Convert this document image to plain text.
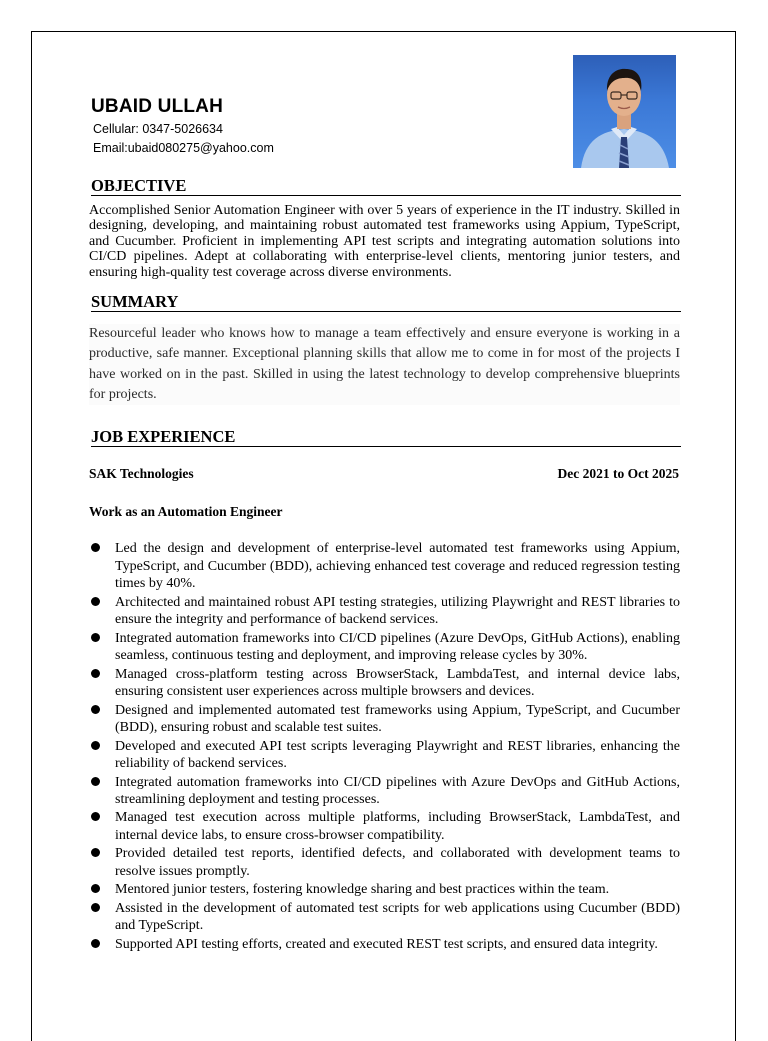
UBAID ULLAH
Cellular: 0347-5026634
Email:ubaid080275@yahoo.com
OBJECTIVE
Accomplished Senior Automation Engineer with over 5 years of experience in the IT industry. Skilled in designing, developing, and maintaining robust automated test frameworks using Appium, TypeScript, and Cucumber. Proficient in implementing API test scripts and integrating automation solutions into CI/CD pipelines. Adept at collaborating with enterprise-level clients, mentoring junior testers, and ensuring high-quality test coverage across diverse environments.
SUMMARY
Resourceful leader who knows how to manage a team effectively and ensure everyone is working in a productive, safe manner. Exceptional planning skills that allow me to come in for most of the projects I have worked on in the past. Skilled in using the latest technology to develop comprehensive blueprints for projects.
JOB EXPERIENCE
SAK Technologies	Dec 2021 to Oct 2025
Work as an Automation Engineer
Led the design and development of enterprise-level automated test frameworks using Appium, TypeScript, and Cucumber (BDD), achieving enhanced test coverage and reduced regression testing times by 40%.
Architected and maintained robust API testing strategies, utilizing Playwright and REST libraries to ensure the integrity and performance of backend services.
Integrated automation frameworks into CI/CD pipelines (Azure DevOps, GitHub Actions), enabling seamless, continuous testing and deployment, and improving release cycles by 30%.
Managed cross-platform testing across BrowserStack, LambdaTest, and internal device labs, ensuring consistent user experiences across multiple browsers and devices.
Designed and implemented automated test frameworks using Appium, TypeScript, and Cucumber (BDD), ensuring robust and scalable test suites.
Developed and executed API test scripts leveraging Playwright and REST libraries, enhancing the reliability of backend services.
Integrated automation frameworks into CI/CD pipelines with Azure DevOps and GitHub Actions, streamlining deployment and testing processes.
Managed test execution across multiple platforms, including BrowserStack, LambdaTest, and internal device labs, to ensure cross-browser compatibility.
Provided detailed test reports, identified defects, and collaborated with development teams to resolve issues promptly.
Mentored junior testers, fostering knowledge sharing and best practices within the team.
Assisted in the development of automated test scripts for web applications using Cucumber (BDD) and TypeScript.
Supported API testing efforts, created and executed REST test scripts, and ensured data integrity.
